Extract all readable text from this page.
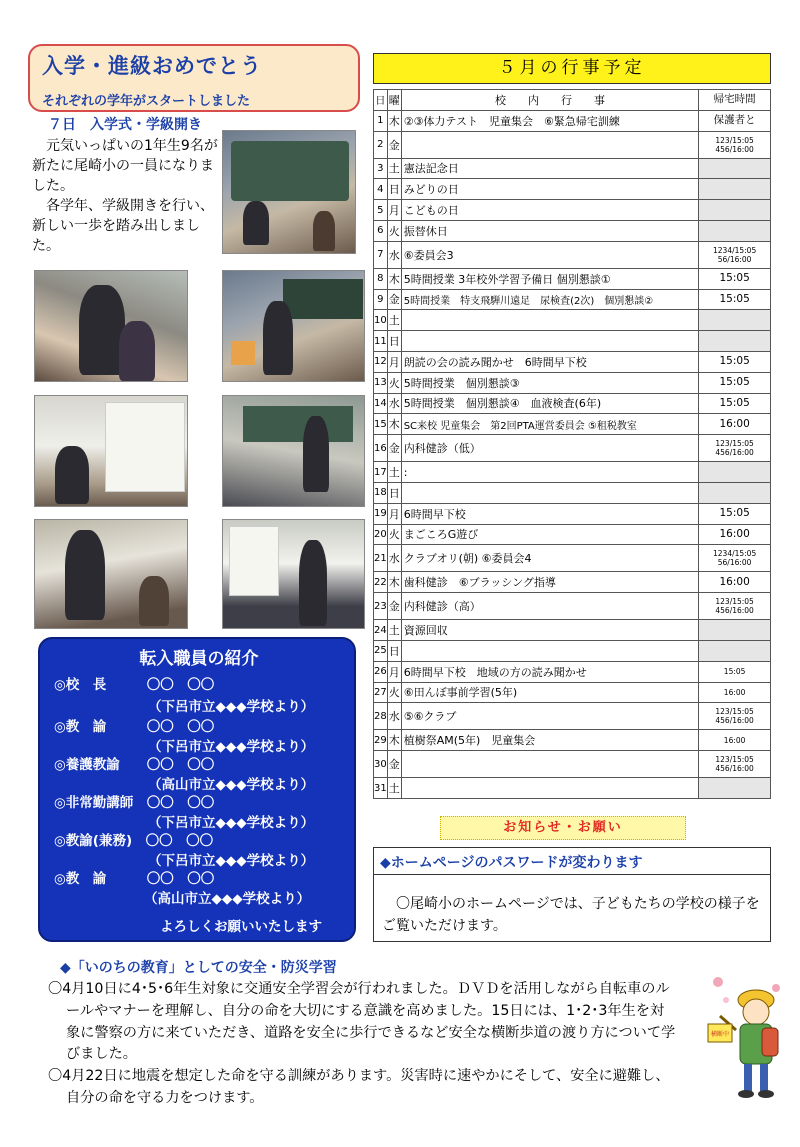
入学・進級おめでとう
それぞれの学年がスタートしました
７日　入学式・学級開き

元気いっぱいの1年生9名が新たに尾崎小の一員になりました。

各学年、学級開きを行い、新しい一歩を踏み出しました。

転入職員の紹介
◎校　長　　　〇〇　〇〇
（下呂市立◆◆◆学校より）
◎教　諭　　　〇〇　〇〇
（下呂市立◆◆◆学校より）
◎養護教諭　　〇〇　〇〇
（高山市立◆◆◆学校より）
◎非常勤講師　〇〇　〇〇
（下呂市立◆◆◆学校より）
◎教諭(兼務)　〇〇　〇〇
（下呂市立◆◆◆学校より）
◎教　諭　　　〇〇　〇〇
（高山市立◆◆◆学校より）
よろしくお願いいたします
５月の行事予定
日	曜	校　　内　　行　　事	帰宅時間
1	木	②③体力テスト　児童集会　⑥緊急帰宅訓練	保護者と
2	金		123/15:05
456/16:00
3	土	憲法記念日	
4	日	みどりの日	
5	月	こどもの日	
6	火	振替休日	
7	水	⑥委員会3	1234/15:05
56/16:00
8	木	5時間授業 3年校外学習予備日 個別懇談①	15:05
9	金	5時間授業　特支飛騨川遠足　尿検査(2次)　個別懇談②	15:05
10	土		
11	日		
12	月	朗読の会の読み聞かせ　6時間早下校	15:05
13	火	5時間授業　個別懇談③	15:05
14	水	5時間授業　個別懇談④　血液検査(6年)	15:05
15	木	SC来校 児童集会　第2回PTA運営委員会 ⑤租税教室	16:00
16	金	内科健診（低）	123/15:05
456/16:00
17	土	:	
18	日		
19	月	6時間早下校	15:05
20	火	まごころG遊び	16:00
21	水	クラブオリ(朝) ⑥委員会4	1234/15:05
56/16:00
22	木	歯科健診　⑥ブラッシング指導	16:00
23	金	内科健診（高）	123/15:05
456/16:00
24	土	資源回収	
25	日		
26	月	6時間早下校　地域の方の読み聞かせ	15:05
27	火	⑥田んぼ事前学習(5年)	16:00
28	水	⑤⑥クラブ	123/15:05
456/16:00
29	木	植樹祭AM(5年)　児童集会	16:00
30	金		123/15:05
456/16:00
31	土		
お知らせ・お願い
◆ホームページのパスワードが変わります
〇尾崎小のホームページでは、子どもたちの学校の様子をご覧いただけます。
◆「いのちの教育」としての安全・防災学習
〇4月10日に4･5･6年生対象に交通安全学習会が行われました。ＤＶＤを活用しながら自転車のルールやマナーを理解し、自分の命を大切にする意識を高めました。15日には、1･2･3年生を対象に警察の方に来ていただき、道路を安全に歩行できるなど安全な横断歩道の渡り方について学びました。
〇4月22日に地震を想定した命を守る訓練があります。災害時に速やかにそして、安全に避難し、自分の命を守る力をつけます。
横断中
